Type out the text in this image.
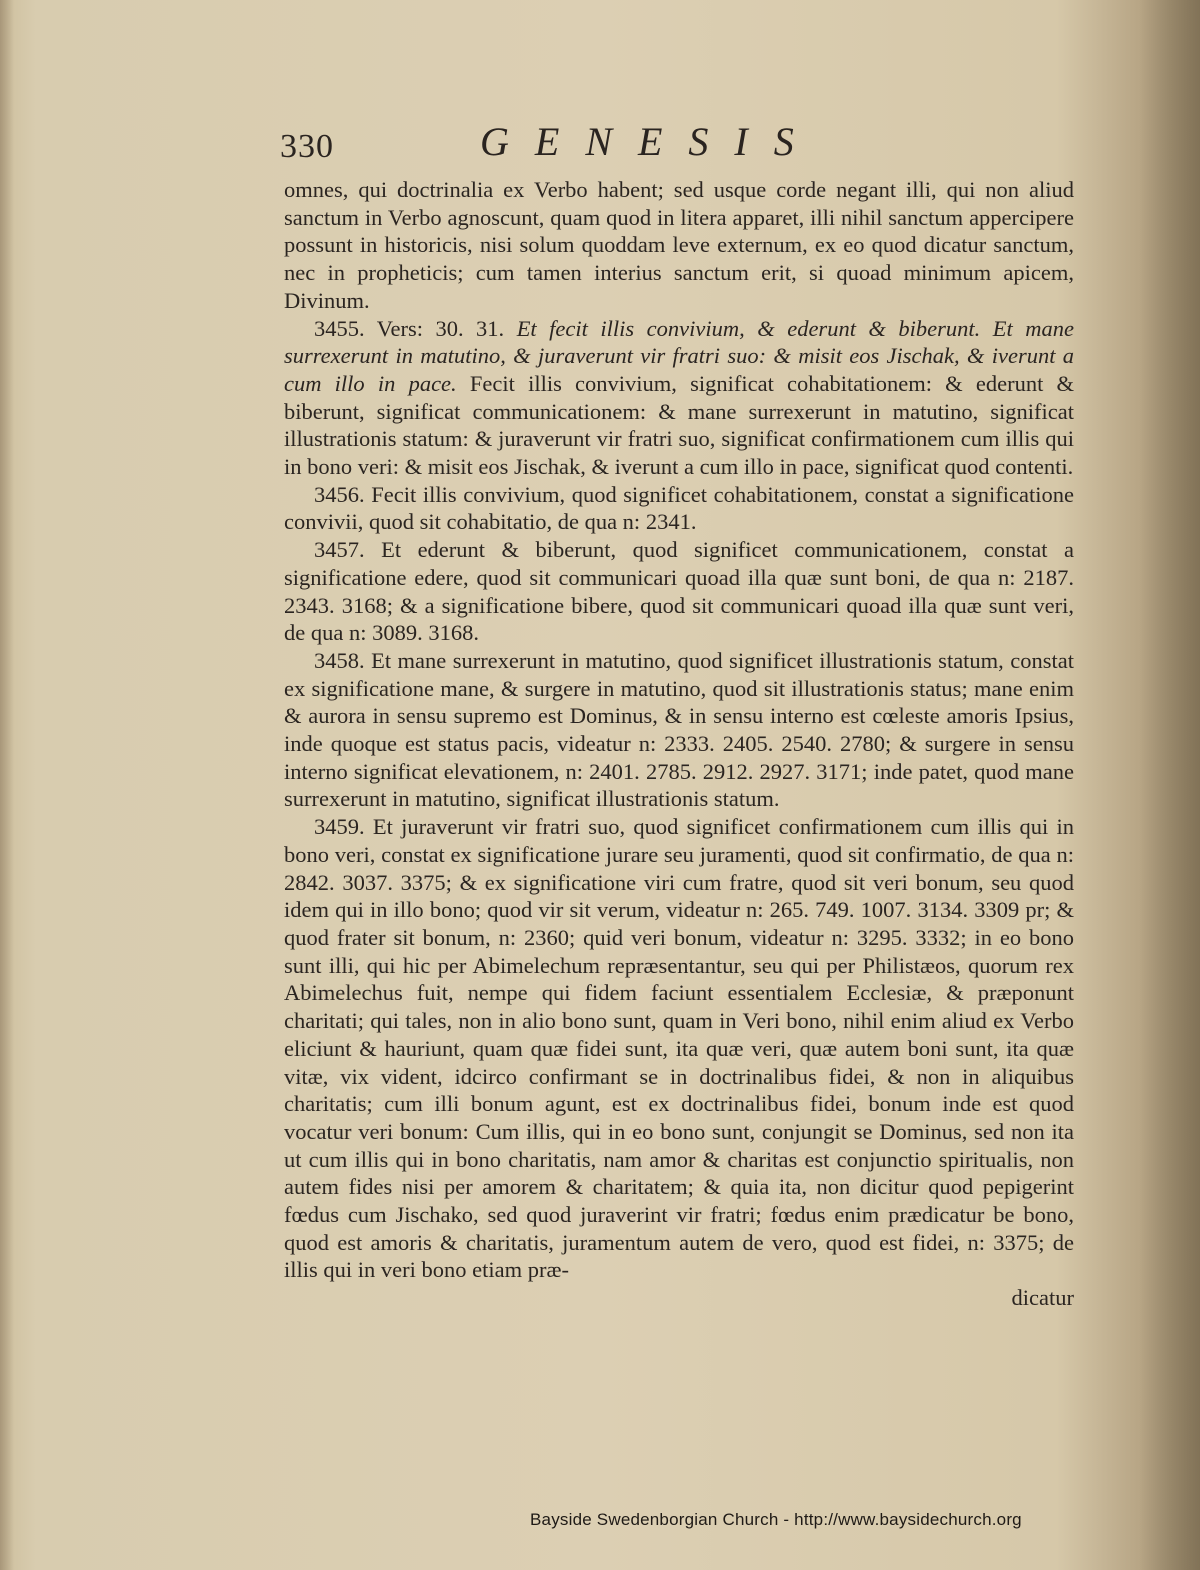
330	GENESIS

omnes, qui doctrinalia ex Verbo habent; sed usque corde negant illi, qui non aliud sanctum in Verbo agnoscunt, quam quod in litera apparet, illi nihil sanctum appercipere possunt in historicis, nisi solum quoddam leve externum, ex eo quod dicatur sanctum, nec in propheticis; cum tamen interius sanctum erit, si quoad minimum apicem, Divinum.

3455. Vers: 30. 31. Et fecit illis convivium, & ederunt & biberunt. Et mane surrexerunt in matutino, & juraverunt vir fratri suo: & misit eos Jischak, & iverunt a cum illo in pace. Fecit illis convivium, significat cohabitationem: & ederunt & biberunt, significat communicationem: & mane surrexerunt in matutino, significat illustrationis statum: & juraverunt vir fratri suo, significat confirmationem cum illis qui in bono veri: & misit eos Jischak, & iverunt a cum illo in pace, significat quod contenti.

3456. Fecit illis convivium, quod significet cohabitationem, constat a significatione convivii, quod sit cohabitatio, de qua n: 2341.

3457. Et ederunt & biberunt, quod significet communicationem, constat a significatione edere, quod sit communicari quoad illa quæ sunt boni, de qua n: 2187. 2343. 3168; & a significatione bibere, quod sit communicari quoad illa quæ sunt veri, de qua n: 3089. 3168.

3458. Et mane surrexerunt in matutino, quod significet illustrationis statum, constat ex significatione mane, & surgere in matutino, quod sit illustrationis status; mane enim & aurora in sensu supremo est Dominus, & in sensu interno est cœleste amoris Ipsius, inde quoque est status pacis, videatur n: 2333. 2405. 2540. 2780; & surgere in sensu interno significat elevationem, n: 2401. 2785. 2912. 2927. 3171; inde patet, quod mane surrexerunt in matutino, significat illustrationis statum.

3459. Et juraverunt vir fratri suo, quod significet confirmationem cum illis qui in bono veri, constat ex significatione jurare seu juramenti, quod sit confirmatio, de qua n: 2842. 3037. 3375; & ex significatione viri cum fratre, quod sit veri bonum, seu quod idem qui in illo bono; quod vir sit verum, videatur n: 265. 749. 1007. 3134. 3309 pr; & quod frater sit bonum, n: 2360; quid veri bonum, videatur n: 3295. 3332; in eo bono sunt illi, qui hic per Abimelechum repræsentantur, seu qui per Philistæos, quorum rex Abimelechus fuit, nempe qui fidem faciunt essentialem Ecclesiæ, & præponunt charitati; qui tales, non in alio bono sunt, quam in Veri bono, nihil enim aliud ex Verbo eliciunt & hauriunt, quam quæ fidei sunt, ita quæ veri, quæ autem boni sunt, ita quæ vitæ, vix vident, idcirco confirmant se in doctrinalibus fidei, & non in aliquibus charitatis; cum illi bonum agunt, est ex doctrinalibus fidei, bonum inde est quod vocatur veri bonum: Cum illis, qui in eo bono sunt, conjungit se Dominus, sed non ita ut cum illis qui in bono charitatis, nam amor & charitas est conjunctio spiritualis, non autem fides nisi per amorem & charitatem; & quia ita, non dicitur quod pepigerint fœdus cum Jischako, sed quod juraverint vir fratri; fœdus enim prædicatur be bono, quod est amoris & charitatis, juramentum autem de vero, quod est fidei, n: 3375; de illis qui in veri bono etiam præ-

dicatur

Bayside Swedenborgian Church - http://www.baysidechurch.org
